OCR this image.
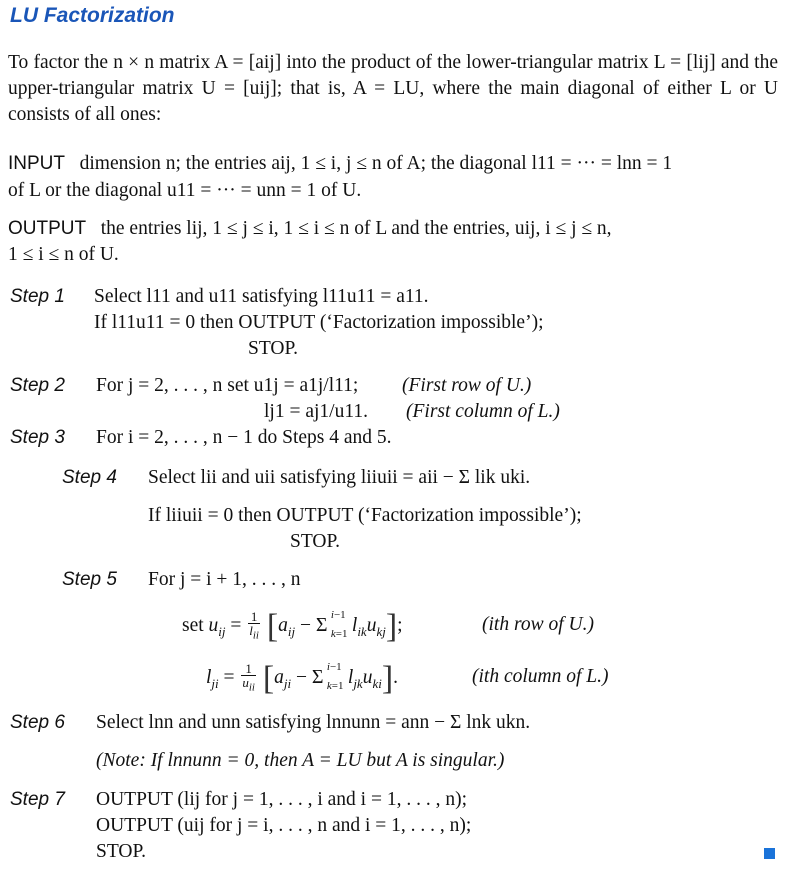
LU Factorization
To factor the n × n matrix A = [aij] into the product of the lower-triangular matrix L = [lij] and the upper-triangular matrix U = [uij]; that is, A = LU, where the main diagonal of either L or U consists of all ones:
INPUT dimension n; the entries aij, 1 ≤ i, j ≤ n of A; the diagonal l11 = ··· = lnn = 1
of L or the diagonal u11 = ··· = unn = 1 of U.
OUTPUT the entries lij, 1 ≤ j ≤ i, 1 ≤ i ≤ n of L and the entries, uij, i ≤ j ≤ n,
1 ≤ i ≤ n of U.
Step 1 Select l11 and u11 satisfying l11u11 = a11.
If l11u11 = 0 then OUTPUT (‘Factorization impossible’);
STOP.
Step 2 For j = 2, . . . , n set u1j = a1j/l11; (First row of U.)
lj1 = aj1/u11. (First column of L.)
Step 3 For i = 2, . . . , n − 1 do Steps 4 and 5.
Step 4 Select lii and uii satisfying liiuii = aii − Σ lik uki.
If liiuii = 0 then OUTPUT (‘Factorization impossible’);
STOP.
Step 5 For j = i + 1, . . . , n
set $u_{ij} = \frac{1}{l_{ii}} [a_{ij} - \Sigma$ i−1
k=1 $l_{ik}u_{kj}$];	(ith row of U.)
$l_{ji} = \frac{1}{u_{ii}} [a_{ji} - \Sigma$ i−1
k=1 $l_{jk}u_{ki}$].	(ith column of L.)
Step 6 Select lnn and unn satisfying lnnunn = ann − Σ lnk ukn.
(Note: If lnnunn = 0, then A = LU but A is singular.)
Step 7 OUTPUT (lij for j = 1, . . . , i and i = 1, . . . , n);
OUTPUT (uij for j = i, . . . , n and i = 1, . . . , n);
STOP.
